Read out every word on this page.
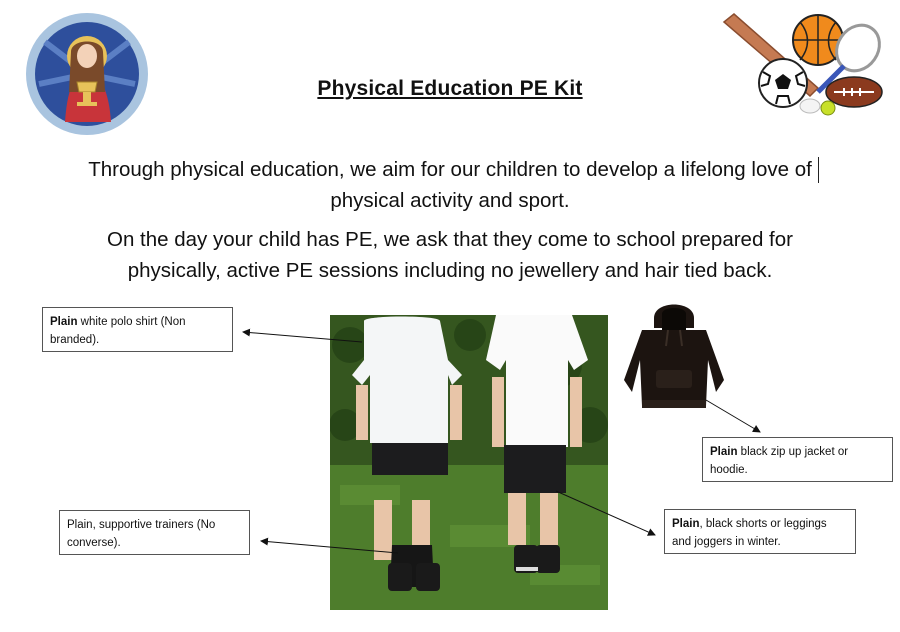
Physical Education PE Kit
Through physical education, we aim for our children to develop a lifelong love of physical activity and sport.
On the day your child has PE, we ask that they come to school prepared for physically, active PE sessions including no jewellery and hair tied back.
Plain white polo shirt (Non branded).
Plain black zip up jacket or hoodie.
Plain, supportive trainers (No converse).
Plain, black shorts or leggings and joggers in winter.
